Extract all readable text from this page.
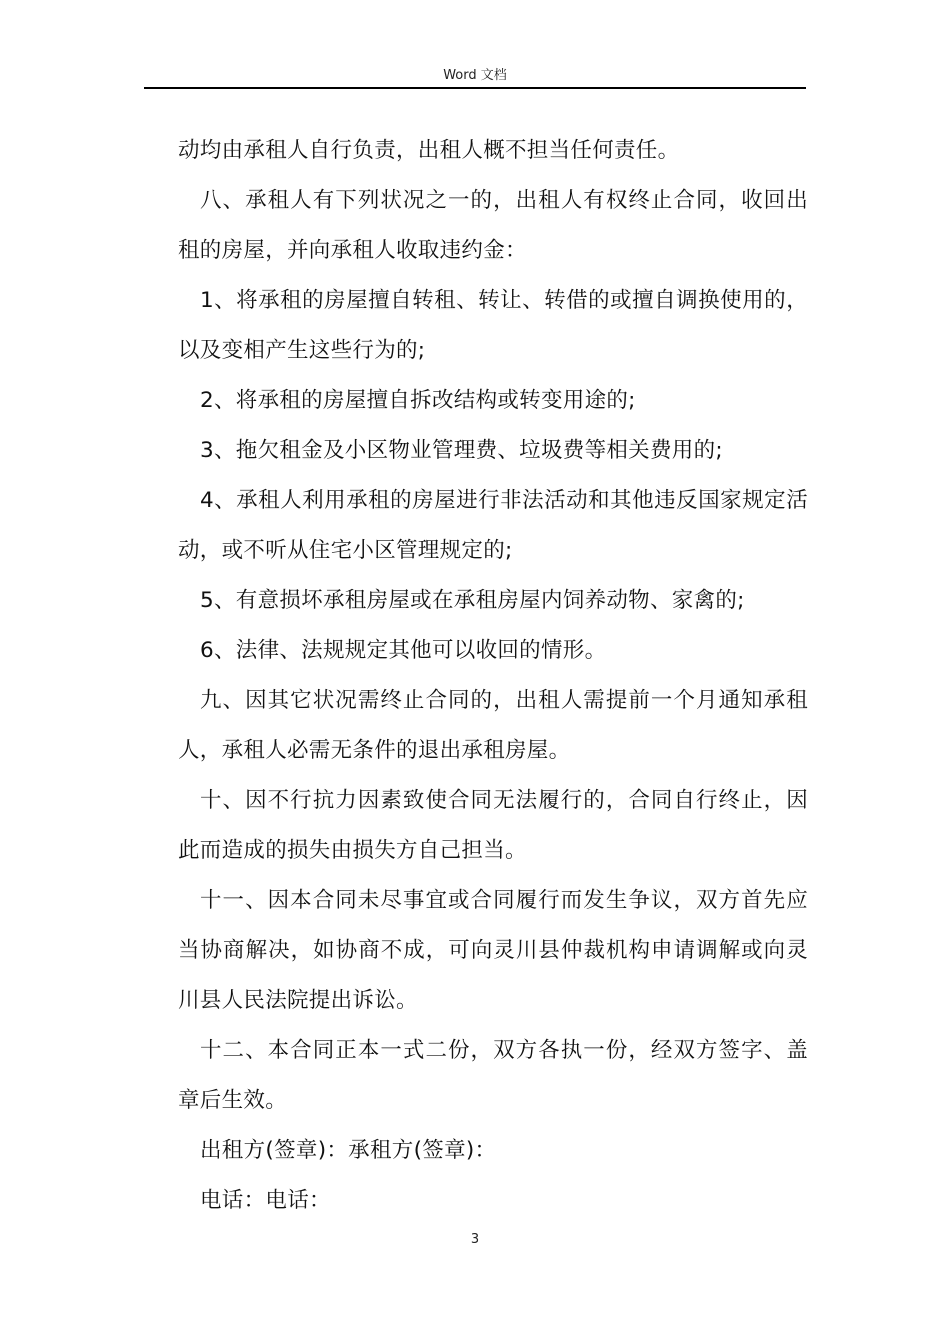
Word 文档

动均由承租人自行负责，出租人概不担当任何责任。

八、承租人有下列状况之一的，出租人有权终止合同，收回出租的房屋，并向承租人收取违约金：

1、将承租的房屋擅自转租、转让、转借的或擅自调换使用的，以及变相产生这些行为的;

2、将承租的房屋擅自拆改结构或转变用途的;

3、拖欠租金及小区物业管理费、垃圾费等相关费用的;

4、承租人利用承租的房屋进行非法活动和其他违反国家规定活动，或不听从住宅小区管理规定的;

5、有意损坏承租房屋或在承租房屋内饲养动物、家禽的;

6、法律、法规规定其他可以收回的情形。

九、因其它状况需终止合同的，出租人需提前一个月通知承租人，承租人必需无条件的退出承租房屋。

十、因不行抗力因素致使合同无法履行的，合同自行终止，因此而造成的损失由损失方自己担当。

十一、因本合同未尽事宜或合同履行而发生争议，双方首先应当协商解决，如协商不成，可向灵川县仲裁机构申请调解或向灵川县人民法院提出诉讼。

十二、本合同正本一式二份，双方各执一份，经双方签字、盖章后生效。

出租方(签章)：承租方(签章)：

电话：电话：

3
